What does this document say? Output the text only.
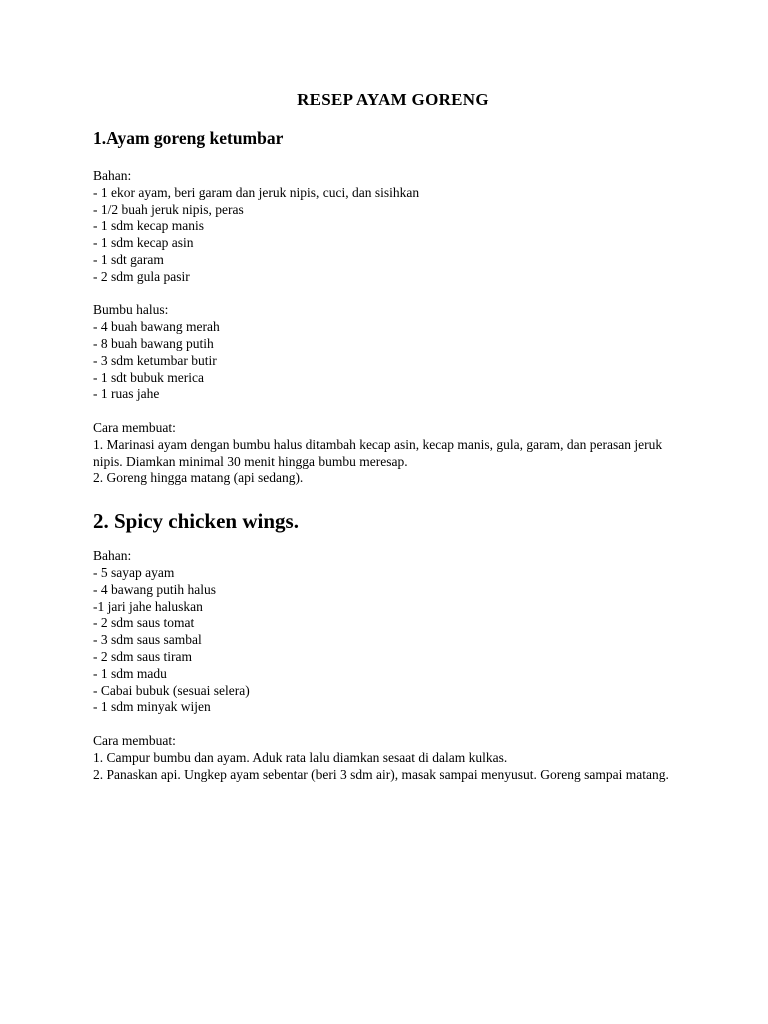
RESEP AYAM GORENG
1.Ayam goreng ketumbar
Bahan:
- 1 ekor ayam, beri garam dan jeruk nipis, cuci, dan sisihkan
- 1/2 buah jeruk nipis, peras
- 1 sdm kecap manis
- 1 sdm kecap asin
- 1 sdt garam
- 2 sdm gula pasir
Bumbu halus:
- 4 buah bawang merah
- 8 buah bawang putih
- 3 sdm ketumbar butir
- 1 sdt bubuk merica
- 1 ruas jahe
Cara membuat:
1. Marinasi ayam dengan bumbu halus ditambah kecap asin, kecap manis, gula, garam, dan perasan jeruk nipis. Diamkan minimal 30 menit hingga bumbu meresap.
2. Goreng hingga matang (api sedang).
2. Spicy chicken wings.
Bahan:
- 5 sayap ayam
- 4 bawang putih halus
-1 jari jahe haluskan
- 2 sdm saus tomat
- 3 sdm saus sambal
- 2 sdm saus tiram
- 1 sdm madu
- Cabai bubuk (sesuai selera)
- 1 sdm minyak wijen
Cara membuat:
1. Campur bumbu dan ayam. Aduk rata lalu diamkan sesaat di dalam kulkas.
2. Panaskan api. Ungkep ayam sebentar (beri 3 sdm air), masak sampai menyusut. Goreng sampai matang.
